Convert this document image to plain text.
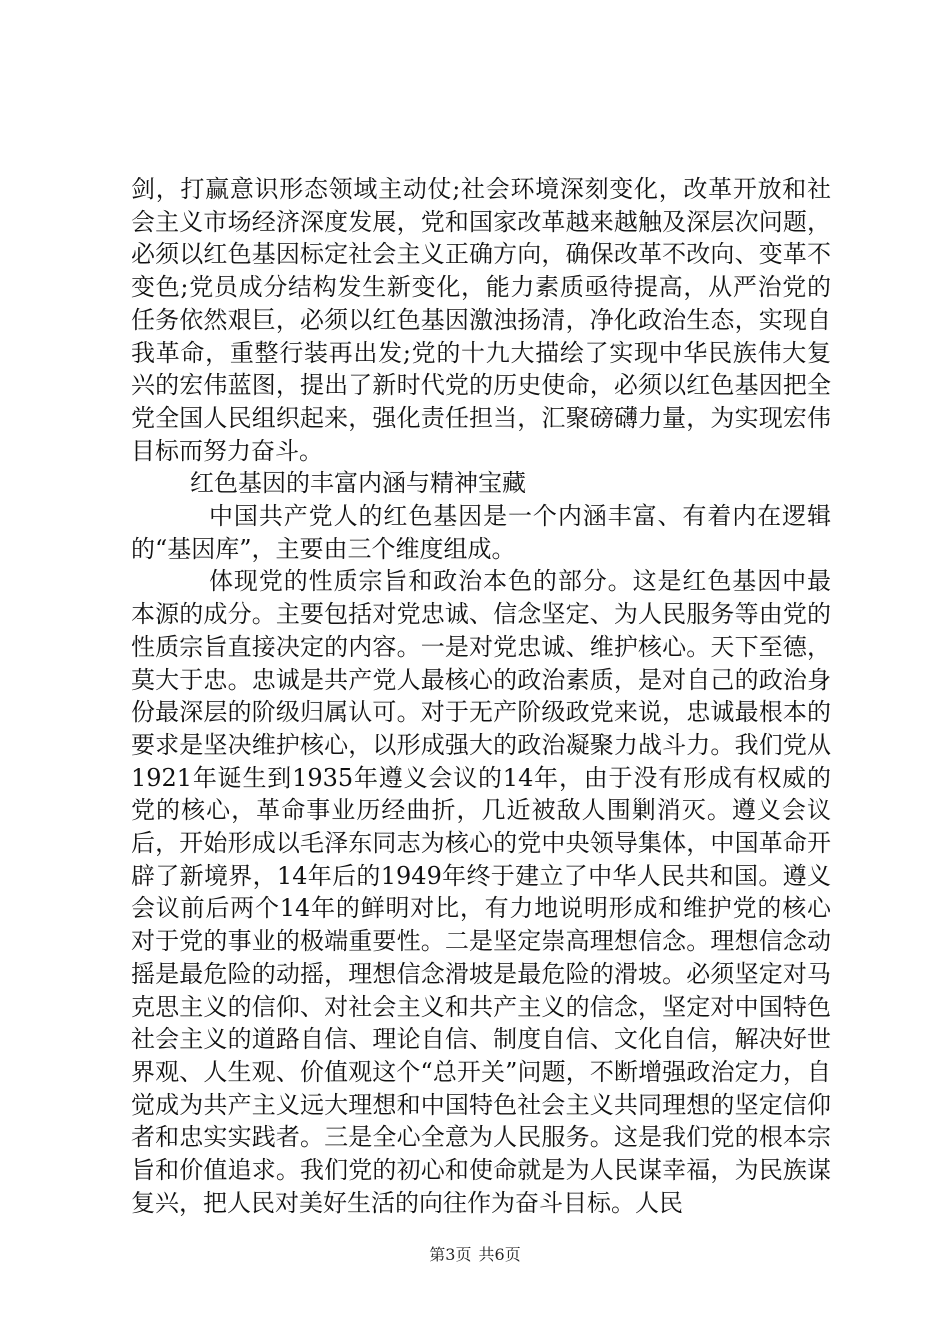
剑，打赢意识形态领域主动仗;社会环境深刻变化，改革开放和社会主义市场经济深度发展，党和国家改革越来越触及深层次问题，必须以红色基因标定社会主义正确方向，确保改革不改向、变革不变色;党员成分结构发生新变化，能力素质亟待提高，从严治党的任务依然艰巨，必须以红色基因激浊扬清，净化政治生态，实现自我革命，重整行装再出发;党的十九大描绘了实现中华民族伟大复兴的宏伟蓝图，提出了新时代党的历史使命，必须以红色基因把全党全国人民组织起来，强化责任担当，汇聚磅礴力量，为实现宏伟目标而努力奋斗。

红色基因的丰富内涵与精神宝藏

中国共产党人的红色基因是一个内涵丰富、有着内在逻辑的“基因库”，主要由三个维度组成。

体现党的性质宗旨和政治本色的部分。这是红色基因中最本源的成分。主要包括对党忠诚、信念坚定、为人民服务等由党的性质宗旨直接决定的内容。一是对党忠诚、维护核心。天下至德，莫大于忠。忠诚是共产党人最核心的政治素质，是对自己的政治身份最深层的阶级归属认可。对于无产阶级政党来说，忠诚最根本的要求是坚决维护核心，以形成强大的政治凝聚力战斗力。我们党从1921年诞生到1935年遵义会议的14年，由于没有形成有权威的党的核心，革命事业历经曲折，几近被敌人围剿消灭。遵义会议后，开始形成以毛泽东同志为核心的党中央领导集体，中国革命开辟了新境界，14年后的1949年终于建立了中华人民共和国。遵义会议前后两个14年的鲜明对比，有力地说明形成和维护党的核心对于党的事业的极端重要性。二是坚定崇高理想信念。理想信念动摇是最危险的动摇，理想信念滑坡是最危险的滑坡。必须坚定对马克思主义的信仰、对社会主义和共产主义的信念，坚定对中国特色社会主义的道路自信、理论自信、制度自信、文化自信，解决好世界观、人生观、价值观这个“总开关”问题，不断增强政治定力，自觉成为共产主义远大理想和中国特色社会主义共同理想的坚定信仰者和忠实实践者。三是全心全意为人民服务。这是我们党的根本宗旨和价值追求。我们党的初心和使命就是为人民谋幸福，为民族谋复兴，把人民对美好生活的向往作为奋斗目标。人民

第3页 共6页
